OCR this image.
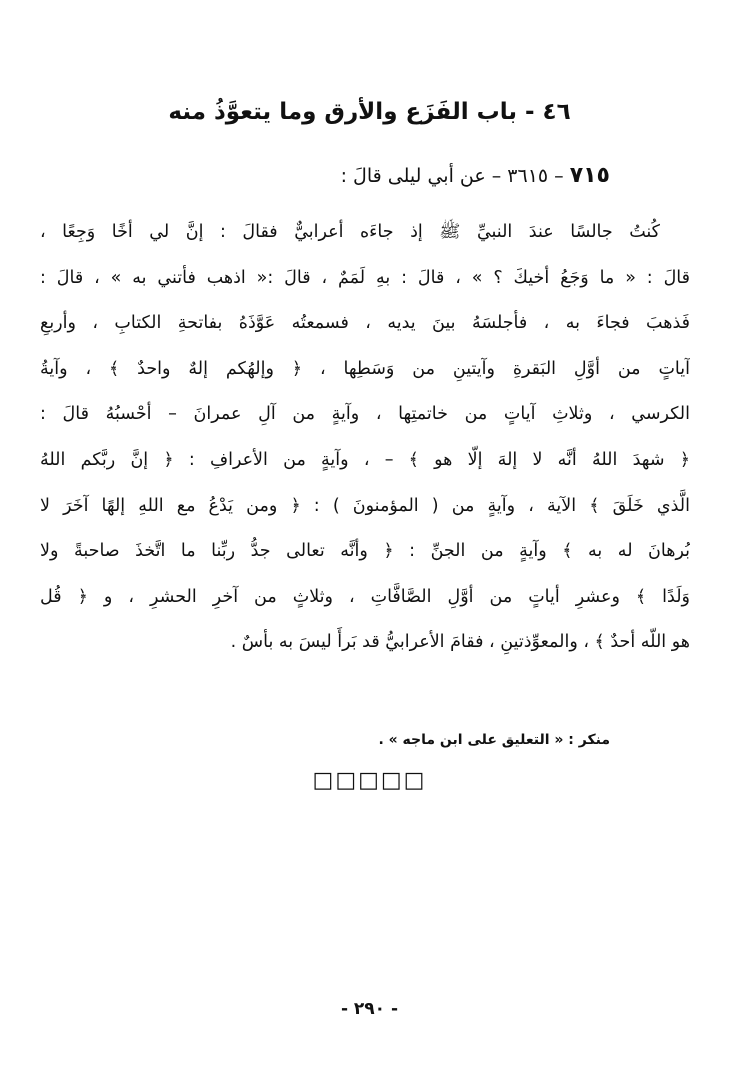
٤٦ - باب الفَزَع والأرق وما يتعوَّذُ منه
٧١٥ – ٣٦١٥ – عن أبي ليلى قالَ :
كُنتُ جالسًا عندَ النبيِّ ﷺ إذ جاءَه أعرابيٌّ فقالَ : إنَّ لي أخًا وَجِعًا ،
قالَ : « ما وَجَعُ أخيكَ ؟ » ، قالَ : بهِ لَمَمٌ ، قالَ :« اذهب فأتني به » ، قالَ :
فَذهبَ فجاءَ به ، فأجلسَهُ بينَ يديه ، فسمعتُه عَوَّذَهُ بفاتحةِ الكتابِ ، وأربعِ
آياتٍ من أوَّلِ البَقرةِ وآيتينِ من وَسَطِها ، ﴿ وإلهُكم إلهٌ واحدٌ ﴾ ، وآيةُ
الكرسي ، وثلاثِ آياتٍ من خاتمتِها ، وآيةٍ من آلِ عمرانَ – أحْسبُهُ قالَ :
﴿ شهدَ اللهُ أنَّه لا إلهَ إلّا هو ﴾ – ، وآيةٍ من الأعرافِ : ﴿ إنَّ ربَّكم اللهُ
الَّذي خَلَقَ ﴾ الآية ، وآيةٍ من ( المؤمنونَ ) : ﴿ ومن يَدْعُ مع اللهِ إلهًا آخَرَ لا
بُرهانَ له به ﴾ وآيةٍ من الجنِّ : ﴿ وأنَّه تعالى جدُّ ربِّنا ما اتَّخذَ صاحبةً ولا
وَلَدًا ﴾ وعشرِ أياتٍ من أوَّلِ الصَّافَّاتِ ، وثلاثٍ من آخرِ الحشرِ ، و ﴿ قُل
هو اللّه أحدٌ ﴾ ، والمعوِّذتينِ ، فقامَ الأعرابيُّ قد بَرأَ ليسَ به بأسٌ .
منكر : « التعليق على ابن ماجه » .
□□□□□
- ٢٩٠ -
